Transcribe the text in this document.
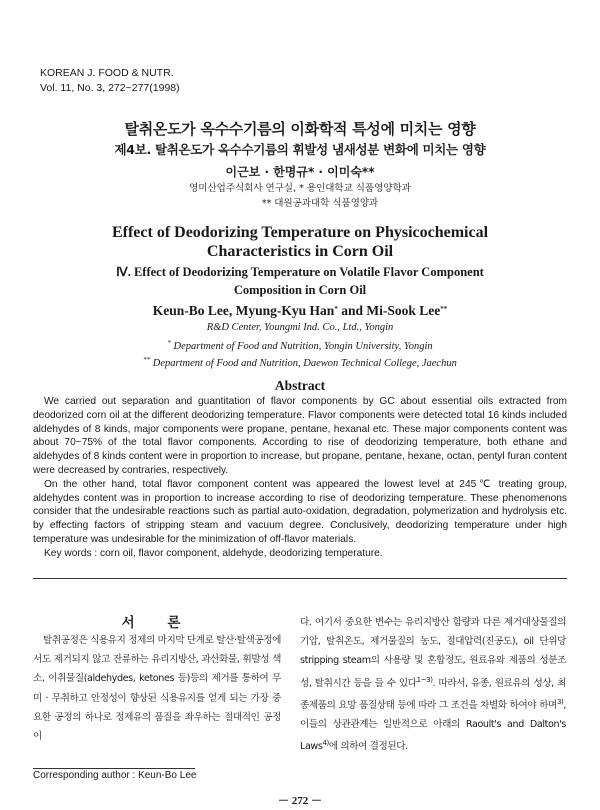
KOREAN J. FOOD & NUTR.
Vol. 11, No. 3, 272~277(1998)
탈취온도가 옥수수기름의 이화학적 특성에 미치는 영향
제4보. 탈취온도가 옥수수기름의 휘발성 냄새성분 변화에 미치는 영향
이근보 · 한명규* · 이미숙**
영미산업주식회사 연구실, * 용인대학교 식품영양학과
** 대원공과대학 식품영양과
Effect of Deodorizing Temperature on Physicochemical
Characteristics in Corn Oil
Ⅳ. Effect of Deodorizing Temperature on Volatile Flavor Component
Composition in Corn Oil
Keun-Bo Lee, Myung-Kyu Han* and Mi-Sook Lee**
R&D Center, Youngmi Ind. Co., Ltd., Yongin
* Department of Food and Nutrition, Yongin University, Yongin
** Department of Food and Nutrition, Daewon Technical College, Jaechun
Abstract

We carried out separation and guantitation of flavor components by GC about essential oils extracted from deodorized corn oil at the different deodorizing temperature. Flavor components were detected total 16 kinds included aldehydes of 8 kinds, major components were propane, pentane, hexanal etc. These major components content was about 70~75% of the total flavor components. According to rise of deodorizing temperature, both ethane and aldehydes of 8 kinds content were in proportion to increase, but propane, pentane, hexane, octan, pentyl furan content were decreased by contraries, respectively.

On the other hand, total flavor component content was appeared the lowest level at 245℃ treating group, aldehydes content was in proportion to increase according to rise of deodorizing temperature. These phenomenons consider that the undesirable reactions such as partial auto-oxidation, degradation, polymerization and hydrolysis etc. by effecting factors of stripping steam and vacuum degree. Conclusively, deodorizing temperature under high temperature was undesirable for the minimization of off-flavor materials.

Key words : corn oil, flavor component, aldehyde, deodorizing temperature.

서 론
탈취공정은 식용유지 정제의 마지막 단계로 탈산·탈색공정에서도 제거되지 않고 잔류하는 유리지방산, 과산화물, 휘발성 색소, 이취물질(aldehydes, ketones 등)등의 제거를 통하여 무미 · 무취하고 안정성이 향상된 식용유지를 얻게 되는 가장 중요한 공정의 하나로 정제유의 품질을 좌우하는 절대적인 공정이
다. 여기서 중요한 변수는 유리지방산 함량과 다른 제거대상물질의 기압, 탈취온도, 제거물질의 농도, 절대압력(진공도), oil 단위당 stripping steam의 사용량 및 혼합정도, 원료유와 제품의 성분조성, 탈취시간 등을 들 수 있다$^{1\sim 3)}$. 따라서, 유종, 원료유의 성상, 최종제품의 요망 품질상태 등에 따라 그 조건을 차별화 하여야 하며$^{3)}$, 이들의 상관관계는 일반적으로 아래의 Raoult's and Dalton's Laws$^{4)}$에 의하여 결정된다.
Corresponding author : Keun-Bo Lee
－ 272 －
